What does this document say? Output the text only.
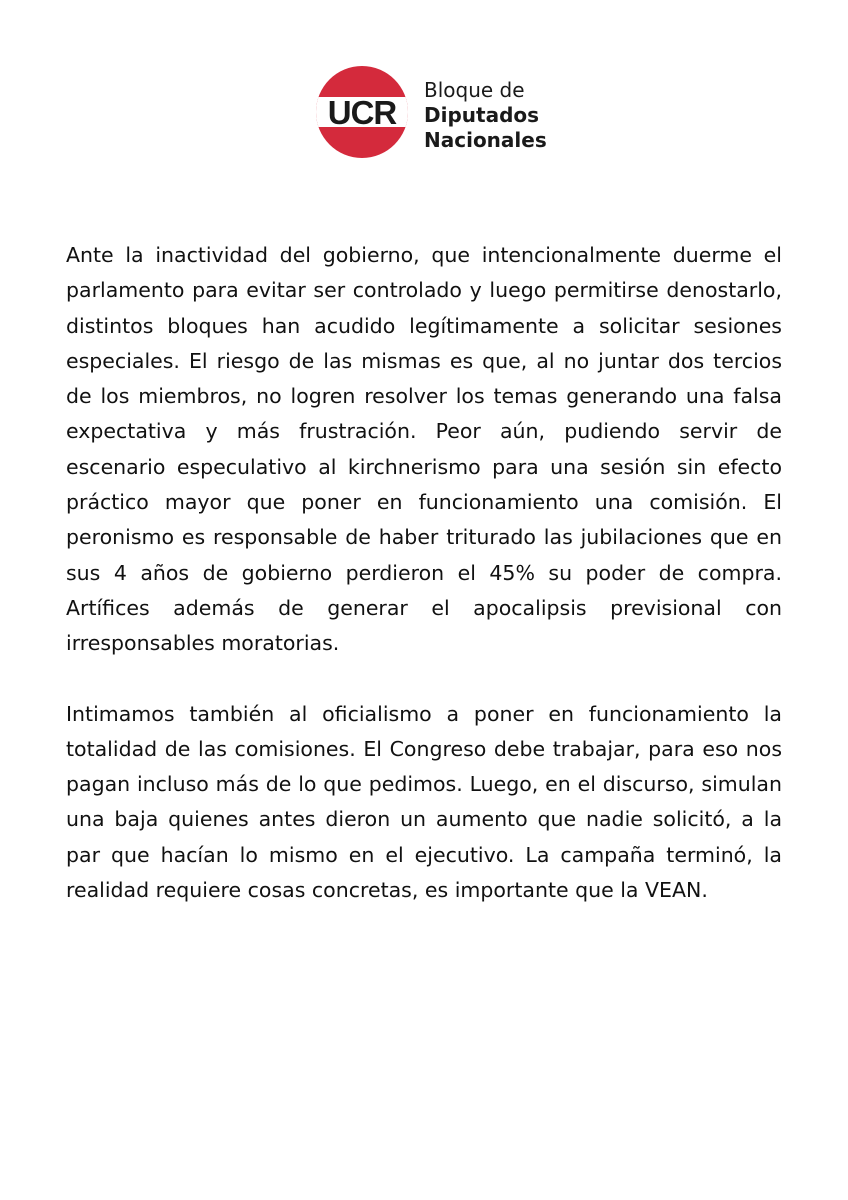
UCR
Bloque de
Diputados
Nacionales

Ante la inactividad del gobierno, que intencionalmente duerme el parlamento para evitar ser controlado y luego permitirse denostarlo, distintos bloques han acudido legítimamente a solicitar sesiones especiales. El riesgo de las mismas es que, al no juntar dos tercios de los miembros, no logren resolver los temas generando una falsa expectativa y más frustración. Peor aún, pudiendo servir de escenario especulativo al kirchnerismo para una sesión sin efecto práctico mayor que poner en funcionamiento una comisión. El peronismo es responsable de haber triturado las jubilaciones que en sus 4 años de gobierno perdieron el 45% su poder de compra. Artífices además de generar el apocalipsis previsional con irresponsables moratorias.

Intimamos también al oficialismo a poner en funcionamiento la totalidad de las comisiones. El Congreso debe trabajar, para eso nos pagan incluso más de lo que pedimos. Luego, en el discurso, simulan una baja quienes antes dieron un aumento que nadie solicitó, a la par que hacían lo mismo en el ejecutivo. La campaña terminó, la realidad requiere cosas concretas, es importante que la VEAN.
